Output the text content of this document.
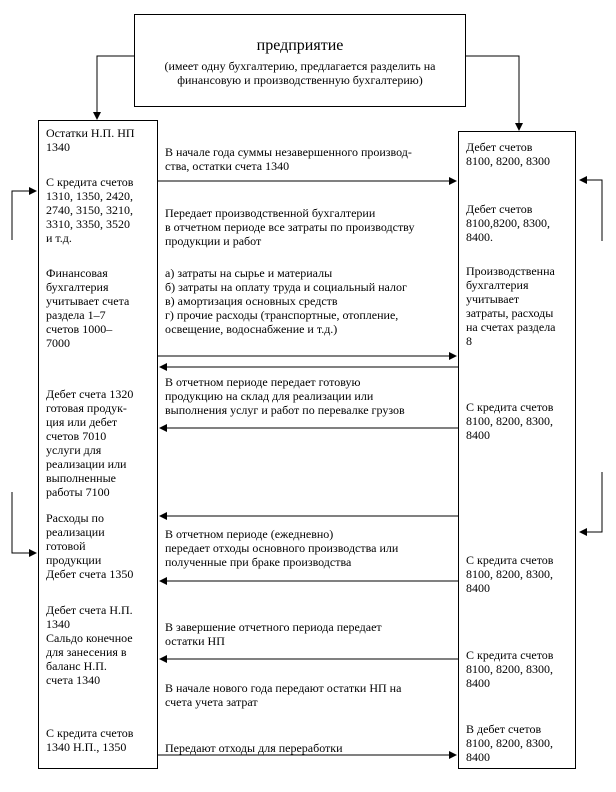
предприятие
(имеет одну бухгалтерию, предлагается разделить на
финансовую и производственную бухгалтерию)
Остатки Н.П. НП
1340
С кредита счетов
1310, 1350, 2420,
2740, 3150, 3210,
3310, 3350, 3520
и т.д.
Финансовая
бухгалтерия
учитывает счета
раздела 1–7
счетов 1000–
7000
Дебет счета 1320
готовая продук-
ция или дебет
счетов 7010
услуги для
реализации или
выполненные
работы 7100
Расходы по
реализации
готовой
продукции
Дебет счета 1350
Дебет счета Н.П.
1340
Сальдо конечное
для занесения в
баланс Н.П.
счета 1340
С кредита счетов
1340 Н.П., 1350
В начале года суммы незавершенного производ-
ства, остатки счета 1340
Передает производственной бухгалтерии
в отчетном периоде все затраты по производству
продукции и работ
а) затраты на сырье и материалы
б) затраты на оплату труда и социальный налог
в) амортизация основных средств
г) прочие расходы (транспортные, отопление,
освещение, водоснабжение и т.д.)
В отчетном периоде передает готовую
продукцию на склад для реализации или
выполнения услуг и работ по перевалке грузов
В отчетном периоде (ежедневно)
передает отходы основного производства или
полученные при браке производства
В завершение отчетного периода передает
остатки НП
В начале нового года передают остатки НП на
счета учета затрат
Передают отходы для переработки
Дебет счетов
8100, 8200, 8300
Дебет счетов
8100,8200, 8300,
8400.
Производственна
бухгалтерия
учитывает
затраты, расходы
на счетах раздела
8
С кредита счетов
8100, 8200, 8300,
8400
С кредита счетов
8100, 8200, 8300,
8400
С кредита счетов
8100, 8200, 8300,
8400
В дебет счетов
8100, 8200, 8300,
8400
